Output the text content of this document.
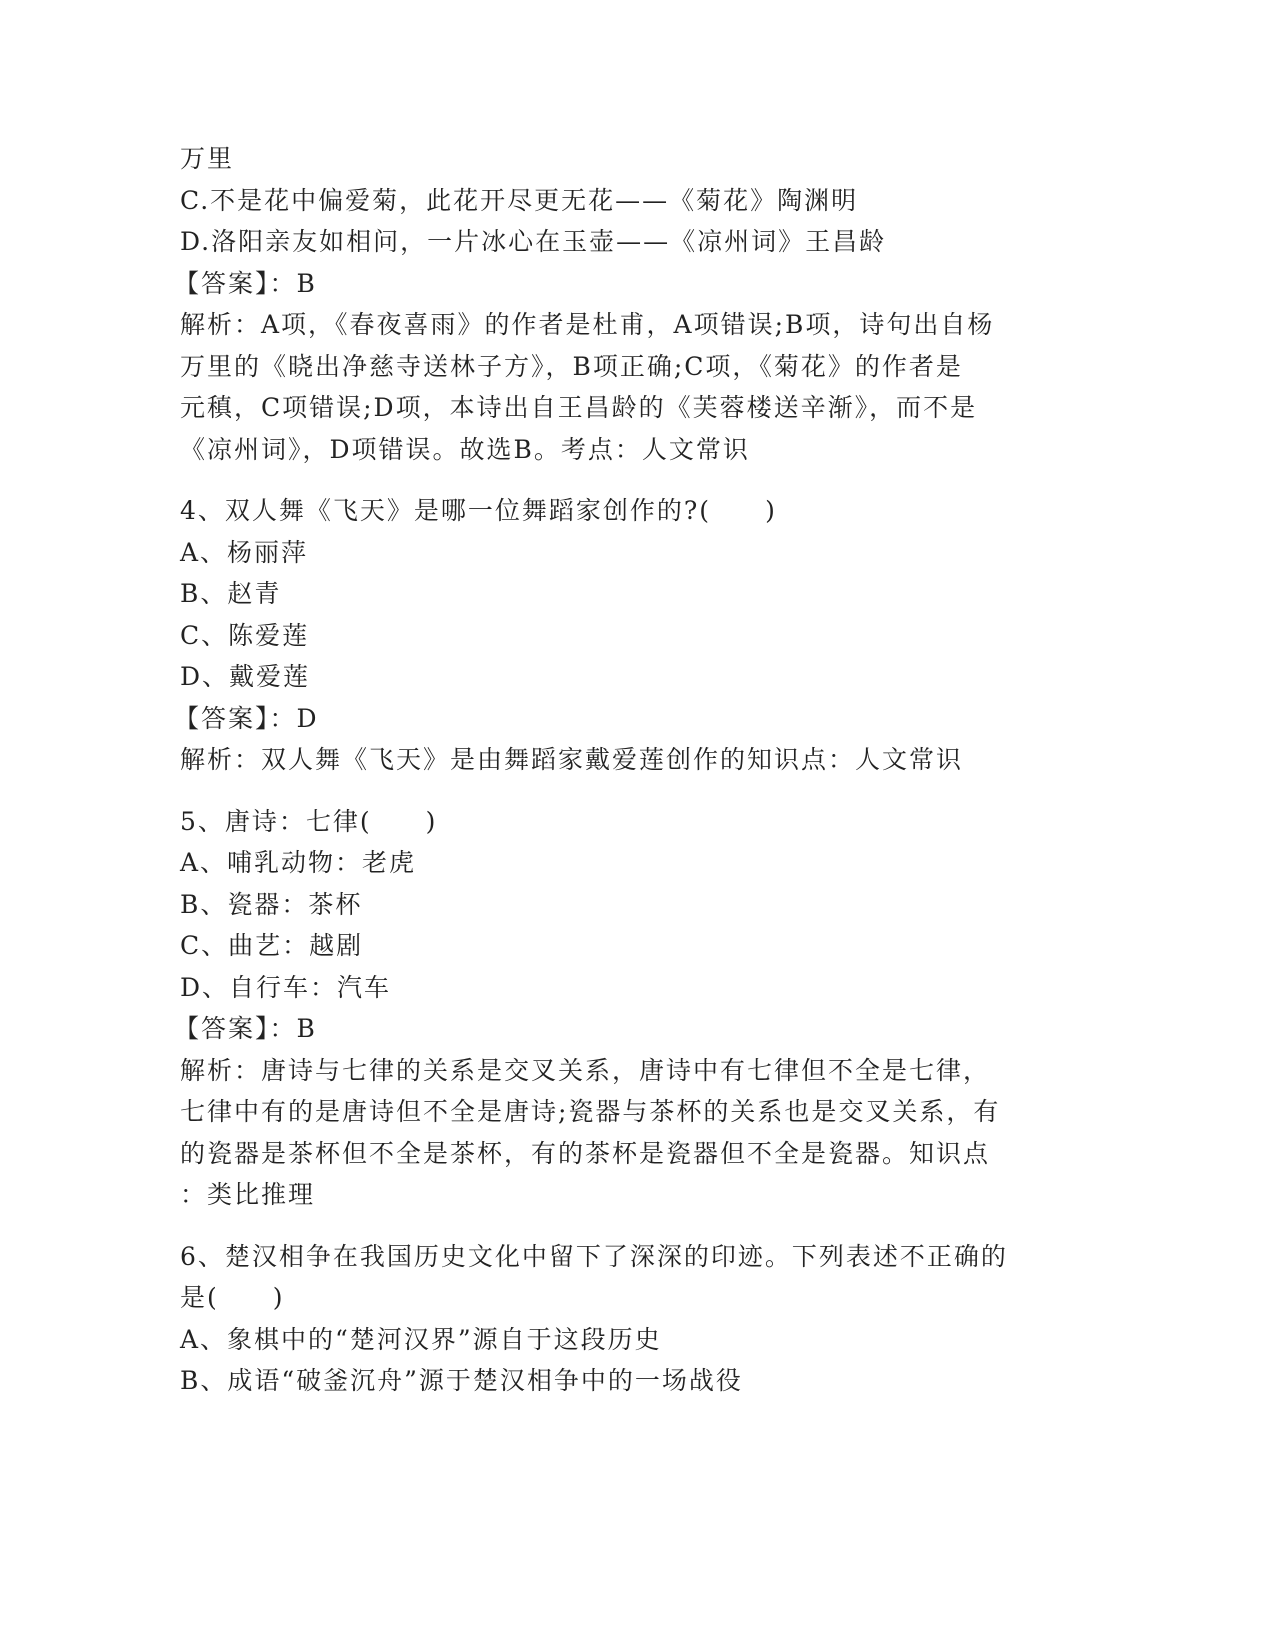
万里
C.不是花中偏爱菊，此花开尽更无花——《菊花》陶渊明
D.洛阳亲友如相问，一片冰心在玉壶——《凉州词》王昌龄
【答案】：B
解析：A项，《春夜喜雨》的作者是杜甫，A项错误;B项，诗句出自杨
万里的《晓出净慈寺送林子方》，B项正确;C项，《菊花》的作者是
元稹，C项错误;D项，本诗出自王昌龄的《芙蓉楼送辛渐》，而不是
《凉州词》，D项错误。故选B。考点：人文常识
4、双人舞《飞天》是哪一位舞蹈家创作的?(　　)
A、杨丽萍
B、赵青
C、陈爱莲
D、戴爱莲
【答案】：D
解析：双人舞《飞天》是由舞蹈家戴爱莲创作的知识点：人文常识
5、唐诗：七律(　　)
A、哺乳动物：老虎
B、瓷器：茶杯
C、曲艺：越剧
D、自行车：汽车
【答案】：B
解析：唐诗与七律的关系是交叉关系，唐诗中有七律但不全是七律，
七律中有的是唐诗但不全是唐诗;瓷器与茶杯的关系也是交叉关系，有
的瓷器是茶杯但不全是茶杯，有的茶杯是瓷器但不全是瓷器。知识点
：类比推理
6、楚汉相争在我国历史文化中留下了深深的印迹。下列表述不正确的
是(　　)
A、象棋中的“楚河汉界”源自于这段历史
B、成语“破釜沉舟”源于楚汉相争中的一场战役
